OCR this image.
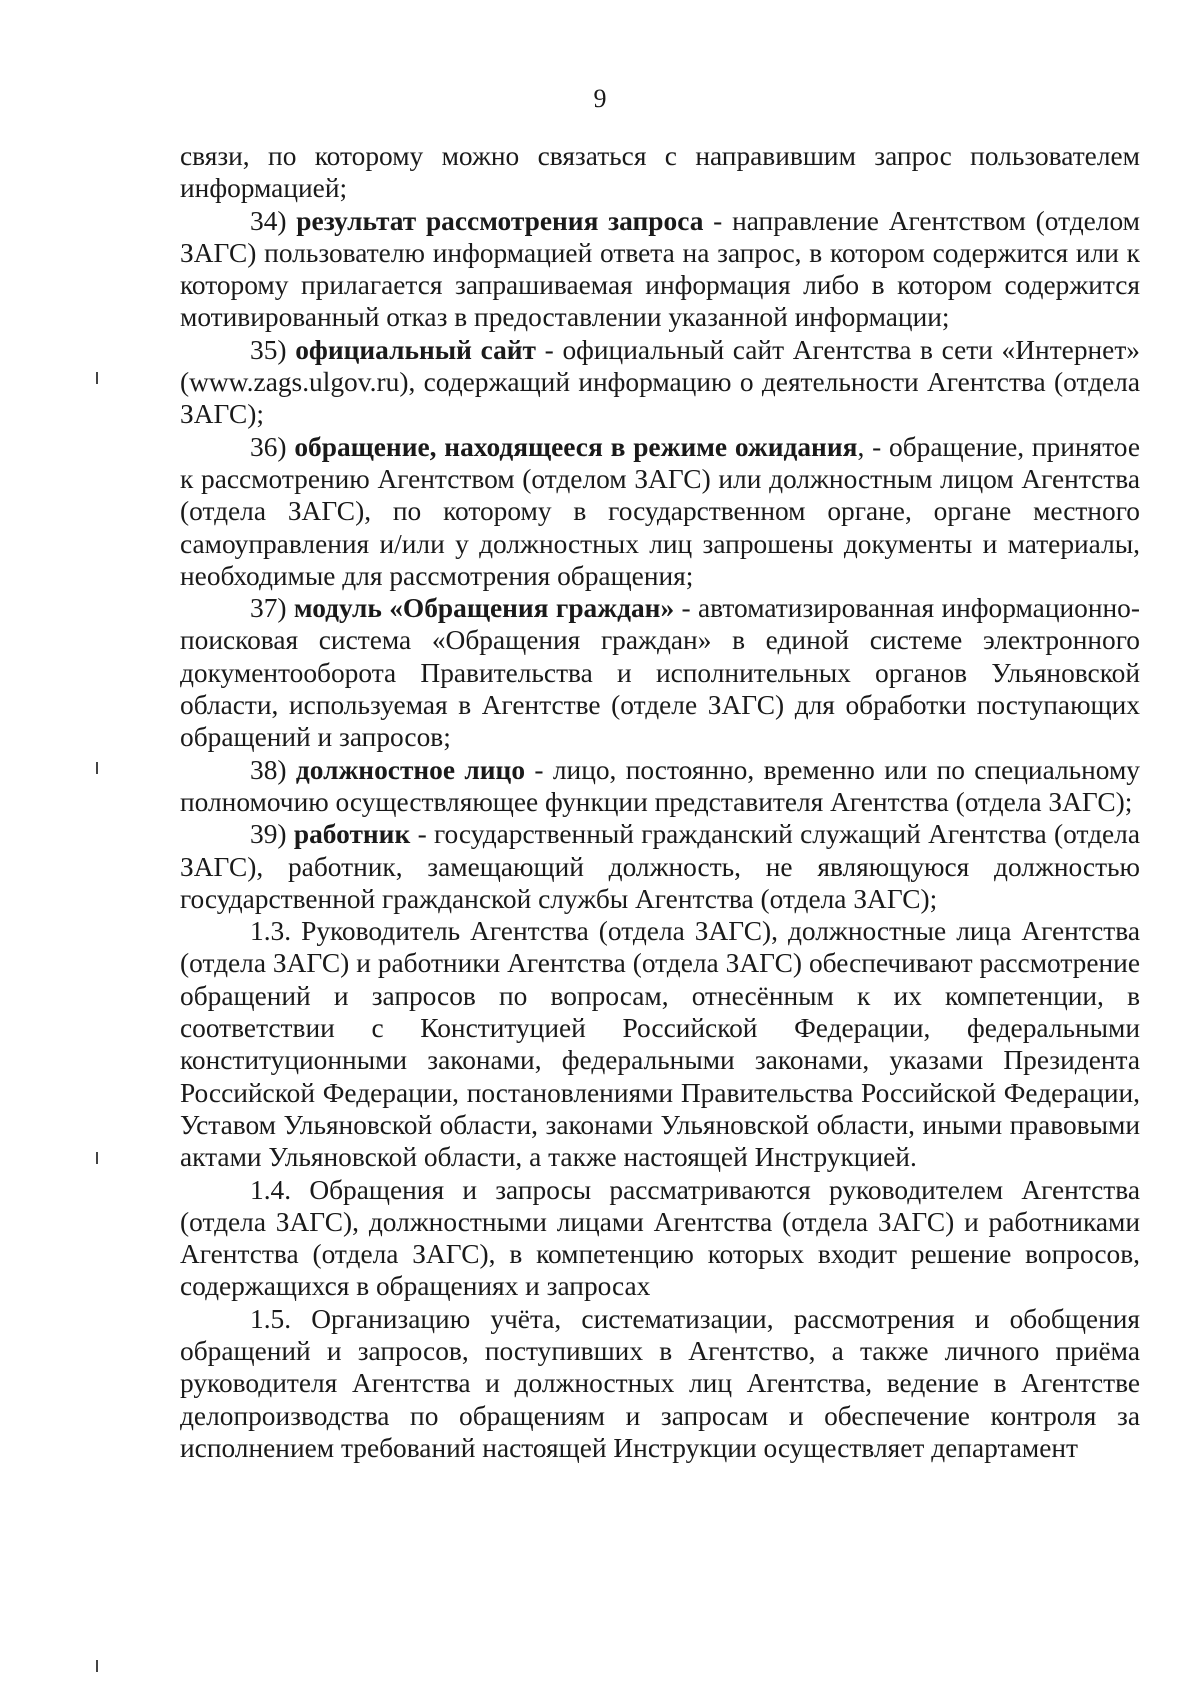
9

связи, по которому можно связаться с направившим запрос пользователем информацией;

34) результат рассмотрения запроса - направление Агентством (отделом ЗАГС) пользователю информацией ответа на запрос, в котором содержится или к которому прилагается запрашиваемая информация либо в котором содержится мотивированный отказ в предоставлении указанной информации;

35) официальный сайт - официальный сайт Агентства в сети «Интернет» (www.zags.ulgov.ru), содержащий информацию о деятельности Агентства (отдела ЗАГС);

36) обращение, находящееся в режиме ожидания, - обращение, принятое к рассмотрению Агентством (отделом ЗАГС) или должностным лицом Агентства (отдела ЗАГС), по которому в государственном органе, органе местного самоуправления и/или у должностных лиц запрошены документы и материалы, необходимые для рассмотрения обращения;

37) модуль «Обращения граждан» - автоматизированная информационно-поисковая система «Обращения граждан» в единой системе электронного документооборота Правительства и исполнительных органов Ульяновской области, используемая в Агентстве (отделе ЗАГС) для обработки поступающих обращений и запросов;

38) должностное лицо - лицо, постоянно, временно или по специальному полномочию осуществляющее функции представителя Агентства (отдела ЗАГС);

39) работник - государственный гражданский служащий Агентства (отдела ЗАГС), работник, замещающий должность, не являющуюся должностью государственной гражданской службы Агентства (отдела ЗАГС);

1.3. Руководитель Агентства (отдела ЗАГС), должностные лица Агентства (отдела ЗАГС) и работники Агентства (отдела ЗАГС) обеспечивают рассмотрение обращений и запросов по вопросам, отнесённым к их компетенции, в соответствии с Конституцией Российской Федерации, федеральными конституционными законами, федеральными законами, указами Президента Российской Федерации, постановлениями Правительства Российской Федерации, Уставом Ульяновской области, законами Ульяновской области, иными правовыми актами Ульяновской области, а также настоящей Инструкцией.

1.4. Обращения и запросы рассматриваются руководителем Агентства (отдела ЗАГС), должностными лицами Агентства (отдела ЗАГС) и работниками Агентства (отдела ЗАГС), в компетенцию которых входит решение вопросов, содержащихся в обращениях и запросах

1.5. Организацию учёта, систематизации, рассмотрения и обобщения обращений и запросов, поступивших в Агентство, а также личного приёма руководителя Агентства и должностных лиц Агентства, ведение в Агентстве делопроизводства по обращениям и запросам и обеспечение контроля за исполнением требований настоящей Инструкции осуществляет департамент
